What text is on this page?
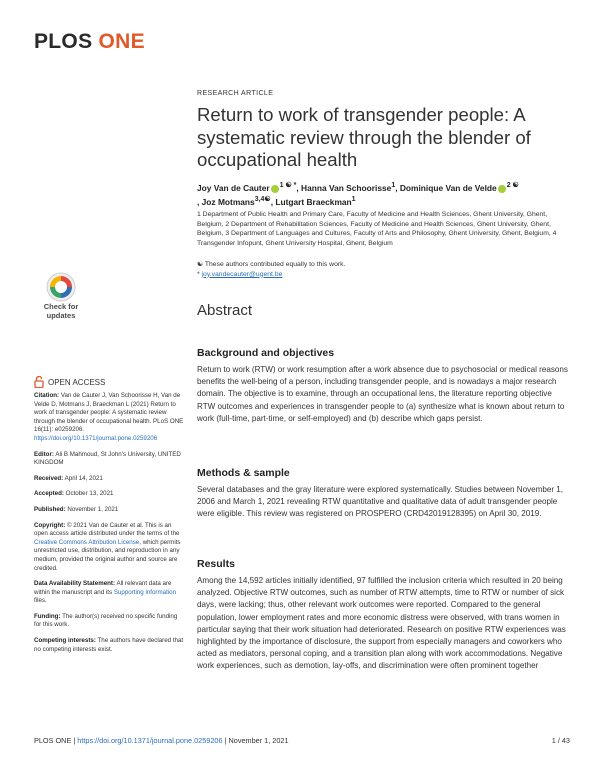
PLOS ONE
Check for
updates
OPEN ACCESS

Citation: Van de Cauter J, Van Schoorisse H, Van de Velde D, Motmans J, Braeckman L (2021) Return to work of transgender people: A systematic review through the blender of occupational health. PLoS ONE 16(11): e0259206. https://doi.org/10.1371/journal.pone.0259206

Editor: Ali B Mahmoud, St John's University, UNITED KINGDOM

Received: April 14, 2021

Accepted: October 13, 2021

Published: November 1, 2021

Copyright: © 2021 Van de Cauter et al. This is an open access article distributed under the terms of the Creative Commons Attribution License, which permits unrestricted use, distribution, and reproduction in any medium, provided the original author and source are credited.

Data Availability Statement: All relevant data are within the manuscript and its Supporting information files.

Funding: The author(s) received no specific funding for this work.

Competing interests: The authors have declared that no competing interests exist.

RESEARCH ARTICLE
Return to work of transgender people: A systematic review through the blender of occupational health
Joy Van de Cauter $^{1 ☯ *}$, Hanna Van Schoorisse$^1$, Dominique Van de Velde $^{2 ☯}$
, Joz Motmans$^{3,4☯}$, Lutgart Braeckman$^1$
1 Department of Public Health and Primary Care, Faculty of Medicine and Health Sciences, Ghent University, Ghent, Belgium, 2 Department of Rehabilitation Sciences, Faculty of Medicine and Health Sciences, Ghent University, Ghent, Belgium, 3 Department of Languages and Cultures, Faculty of Arts and Philosophy, Ghent University, Ghent, Belgium, 4 Transgender Infopunt, Ghent University Hospital, Ghent, Belgium
☯ These authors contributed equally to this work.
* joy.vandecauter@ugent.be
Abstract
Background and objectives
Return to work (RTW) or work resumption after a work absence due to psychosocial or medical reasons benefits the well-being of a person, including transgender people, and is nowadays a major research domain. The objective is to examine, through an occupational lens, the literature reporting objective RTW outcomes and experiences in transgender people to (a) synthesize what is known about return to work (full-time, part-time, or self-employed) and (b) describe which gaps persist.
Methods & sample
Several databases and the gray literature were explored systematically. Studies between November 1, 2006 and March 1, 2021 revealing RTW quantitative and qualitative data of adult transgender people were eligible. This review was registered on PROSPERO (CRD42019128395) on April 30, 2019.
Results
Among the 14,592 articles initially identified, 97 fulfilled the inclusion criteria which resulted in 20 being analyzed. Objective RTW outcomes, such as number of RTW attempts, time to RTW or number of sick days, were lacking; thus, other relevant work outcomes were reported. Compared to the general population, lower employment rates and more economic distress were observed, with trans women in particular saying that their work situation had deteriorated. Research on positive RTW experiences was highlighted by the importance of disclosure, the support from especially managers and coworkers who acted as mediators, personal coping, and a transition plan along with work accommodations. Negative work experiences, such as demotion, lay-offs, and discrimination were often prominent together
PLOS ONE | https://doi.org/10.1371/journal.pone.0259206 | November 1, 2021	1 / 43
